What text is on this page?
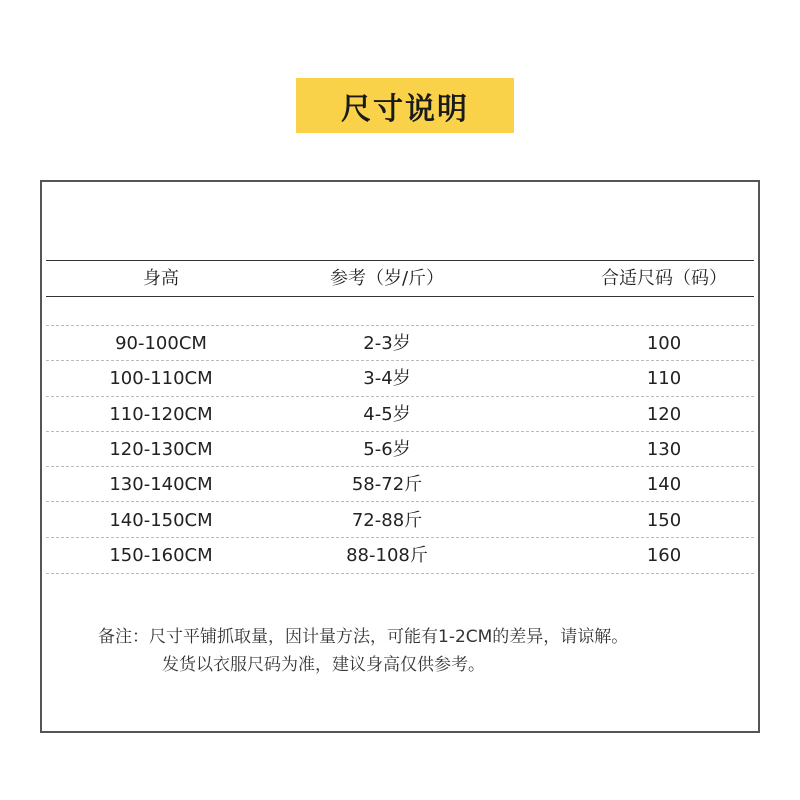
尺寸说明
身高	参考（岁/斤）	合适尺码（码）
90-100CM	2-3岁	100
100-110CM	3-4岁	110
110-120CM	4-5岁	120
120-130CM	5-6岁	130
130-140CM	58-72斤	140
140-150CM	72-88斤	150
150-160CM	88-108斤	160
备注：尺寸平铺抓取量，因计量方法，可能有1-2CM的差异，请谅解。
发货以衣服尺码为准，建议身高仅供参考。
